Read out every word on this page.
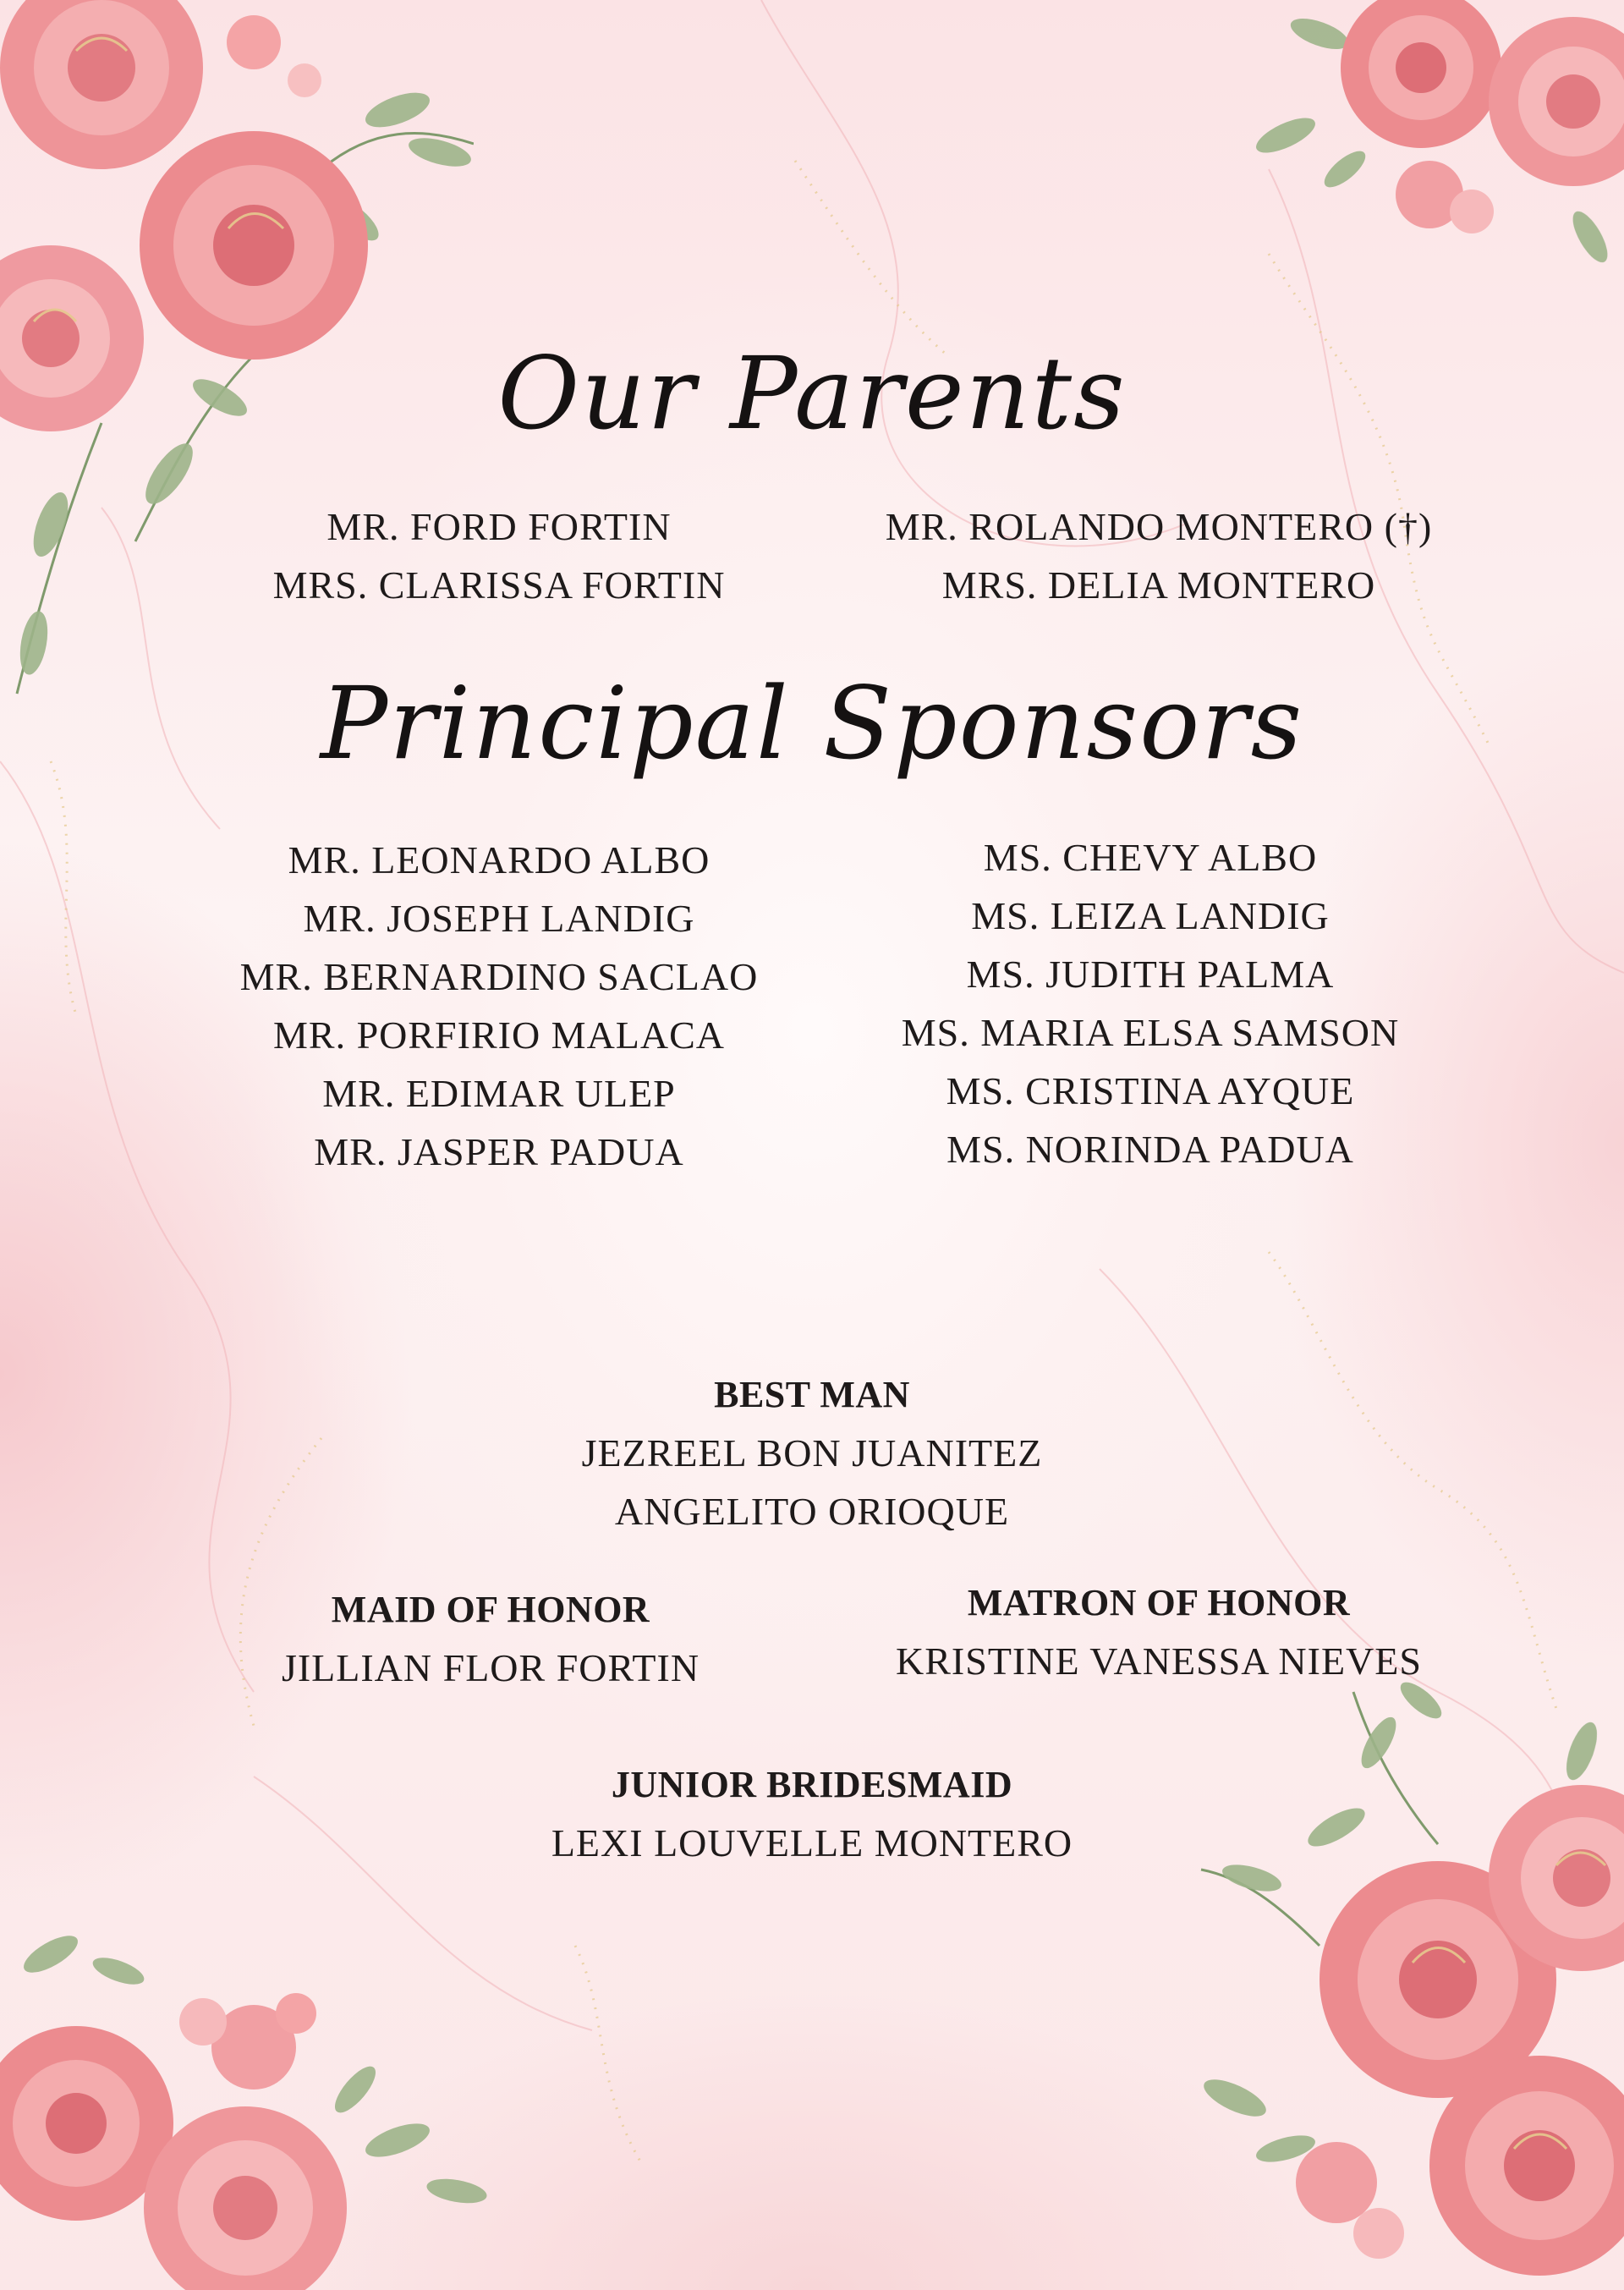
Our Parents
MR. FORD FORTIN
MRS. CLARISSA FORTIN
MR. ROLANDO MONTERO (†)
MRS. DELIA MONTERO
Principal Sponsors
MR. LEONARDO ALBO
MR. JOSEPH LANDIG
MR. BERNARDINO SACLAO
MR. PORFIRIO MALACA
MR. EDIMAR ULEP
MR. JASPER PADUA
MS. CHEVY ALBO
MS. LEIZA LANDIG
MS. JUDITH PALMA
MS. MARIA ELSA SAMSON
MS. CRISTINA AYQUE
MS. NORINDA PADUA
BEST MAN
JEZREEL BON JUANITEZ
ANGELITO ORIOQUE
MAID OF HONOR
JILLIAN FLOR FORTIN
MATRON OF HONOR
KRISTINE VANESSA NIEVES
JUNIOR BRIDESMAID
LEXI LOUVELLE MONTERO
